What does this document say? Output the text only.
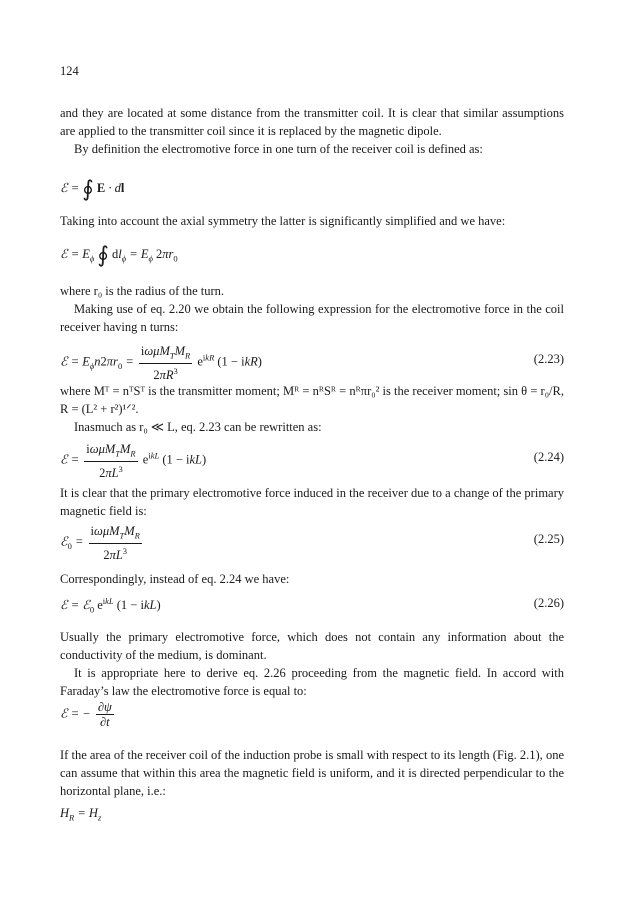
124

and they are located at some distance from the transmitter coil. It is clear that similar assumptions are applied to the transmitter coil since it is replaced by the magnetic dipole.

By definition the electromotive force in one turn of the receiver coil is defined as:

ℰ = ∮ E · dl

Taking into account the axial symmetry the latter is significantly simplified and we have:

ℰ = $E_\phi$ ∮ $dl_\phi = E_\phi$ $2\pi r_0$

where r₀ is the radius of the turn.

Making use of eq. 2.20 we obtain the following expression for the electromotive force in the coil receiver having n turns:

ℰ = $E_\phi n2\pi r_0 = \frac{i\omega\mu M_TM_R}{2\pi R^3} e^{ikR}$ (1 − ikR)	(2.23)

where Mᵀ = nᵀSᵀ is the transmitter moment; Mᴿ = nᴿSᴿ = nᴿπr₀² is the receiver moment; sin θ = r₀/R, R = (L² + r²)¹ᐟ².

Inasmuch as r₀ ≪ L, eq. 2.23 can be rewritten as:

ℰ = $\frac{i\omega\mu M_TM_R}{2\pi L^3} e^{ikL}$ (1 − ikL)	(2.24)

It is clear that the primary electromotive force induced in the receiver due to a change of the primary magnetic field is:

ℰ$_0$ = $\frac{i\omega\mu M_TM_R}{2\pi L^3}$	(2.25)

Correspondingly, instead of eq. 2.24 we have:

ℰ = ℰ$_0$ $e^{ikL}$ (1 − ikL)	(2.26)

Usually the primary electromotive force, which does not contain any information about the conductivity of the medium, is dominant.

It is appropriate here to derive eq. 2.26 proceeding from the magnetic field. In accord with Faraday’s law the electromotive force is equal to:

ℰ = − $\frac{\partial\psi}{\partial t}$

If the area of the receiver coil of the induction probe is small with respect to its length (Fig. 2.1), one can assume that within this area the magnetic field is uniform, and it is directed perpendicular to the horizontal plane, i.e.:

$H_R = H_z$
